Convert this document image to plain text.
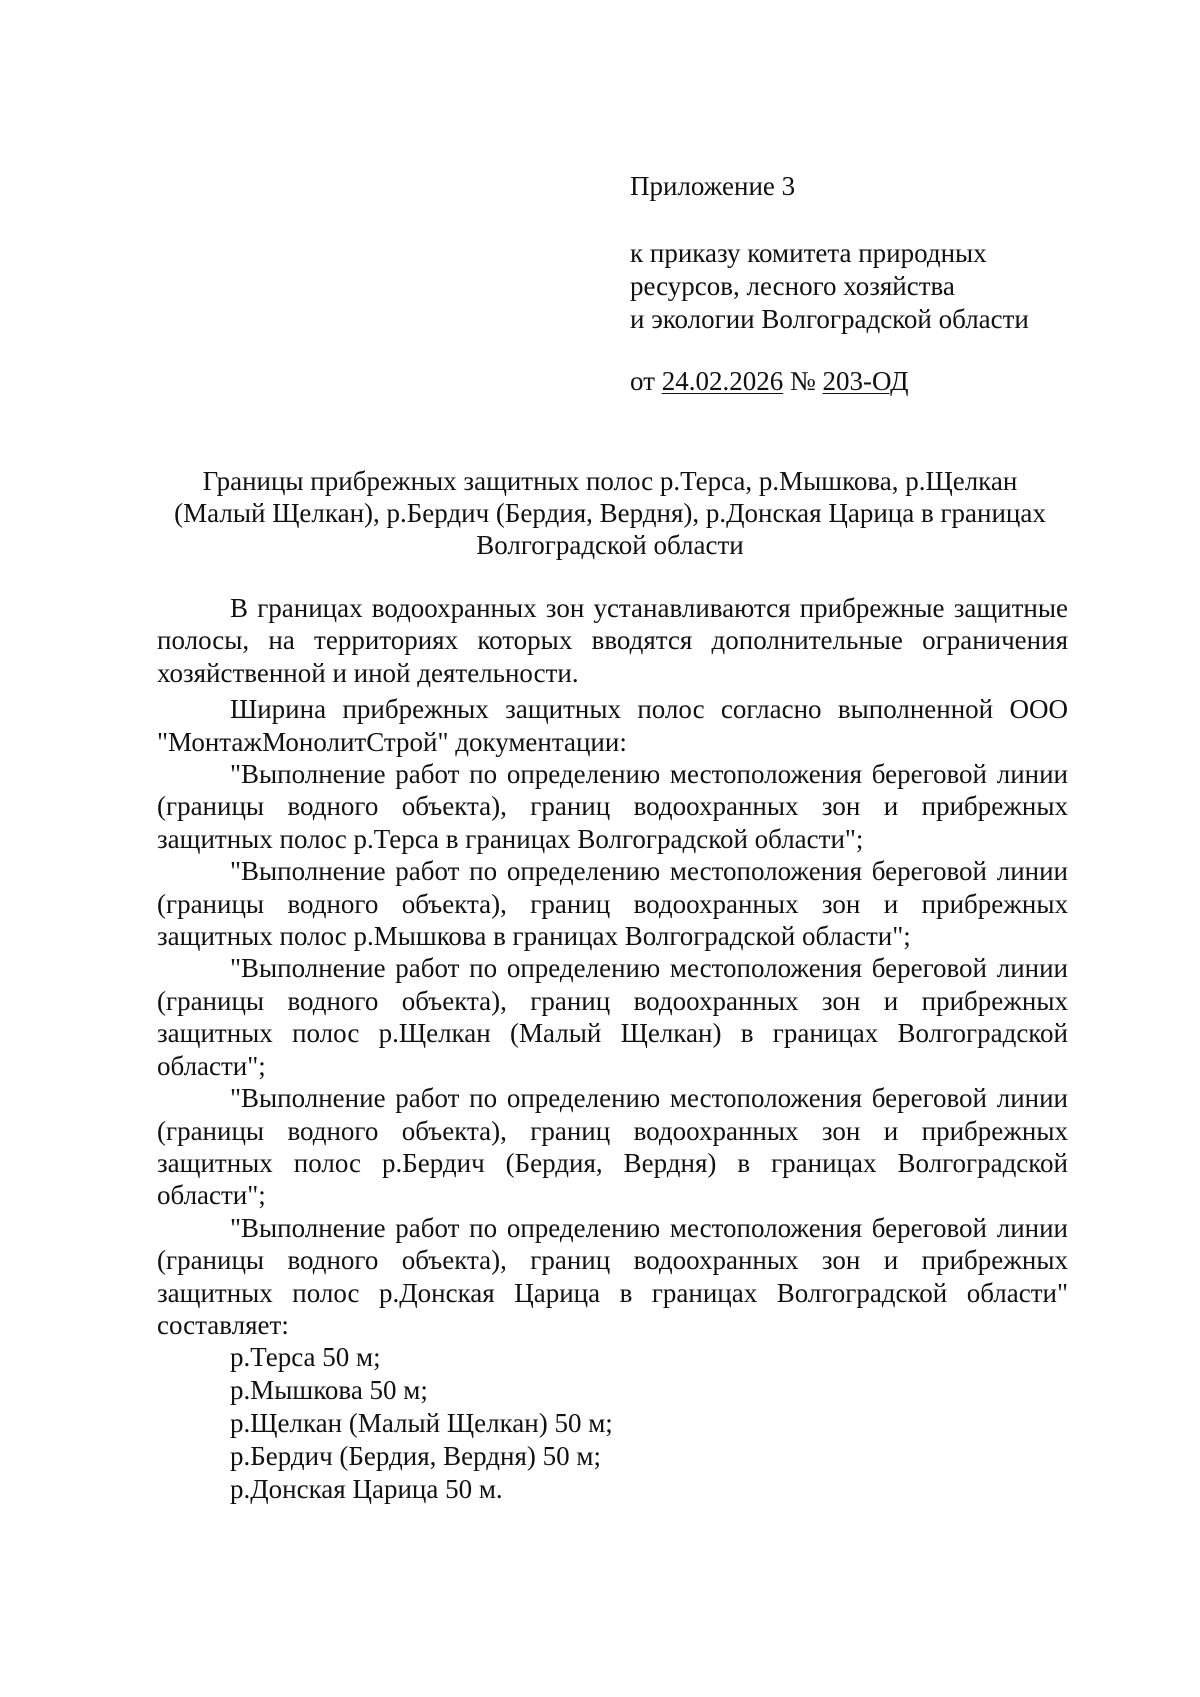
Приложение 3
к приказу комитета природных
ресурсов, лесного хозяйства
и экологии Волгоградской области
от 24.02.2026 № 203-ОД
Границы прибрежных защитных полос р.Терса, р.Мышкова, р.Щелкан
(Малый Щелкан), р.Бердич (Бердия, Вердня), р.Донская Царица в границах
Волгоградской области

В границах водоохранных зон устанавливаются прибрежные защитные полосы, на территориях которых вводятся дополнительные ограничения хозяйственной и иной деятельности.

Ширина прибрежных защитных полос согласно выполненной ООО "МонтажМонолитСтрой" документации:

"Выполнение работ по определению местоположения береговой линии (границы водного объекта), границ водоохранных зон и прибрежных защитных полос р.Терса в границах Волгоградской области";

"Выполнение работ по определению местоположения береговой линии (границы водного объекта), границ водоохранных зон и прибрежных защитных полос р.Мышкова в границах Волгоградской области";

"Выполнение работ по определению местоположения береговой линии (границы водного объекта), границ водоохранных зон и прибрежных защитных полос р.Щелкан (Малый Щелкан) в границах Волгоградской области";

"Выполнение работ по определению местоположения береговой линии (границы водного объекта), границ водоохранных зон и прибрежных защитных полос р.Бердич (Бердия, Вердня) в границах Волгоградской области";

"Выполнение работ по определению местоположения береговой линии (границы водного объекта), границ водоохранных зон и прибрежных защитных полос р.Донская Царица в границах Волгоградской области" составляет:

р.Терса 50 м;
р.Мышкова 50 м;
р.Щелкан (Малый Щелкан) 50 м;
р.Бердич (Бердия, Вердня) 50 м;
р.Донская Царица 50 м.
